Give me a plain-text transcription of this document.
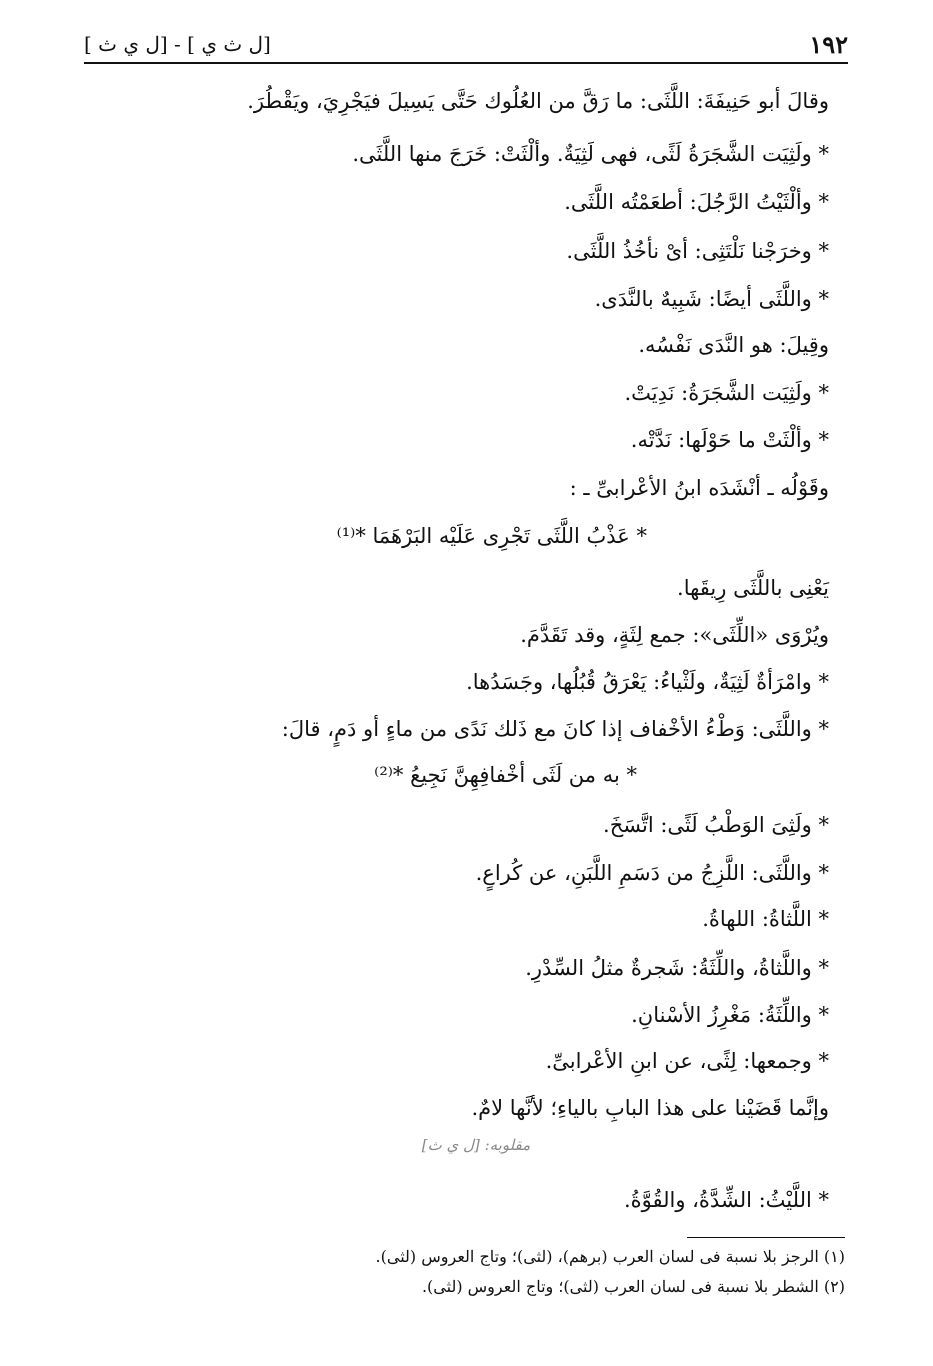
١٩٢
[ل ث ي ] - [ل ي ث ]
وقالَ أبو حَنِيفَةَ: اللَّثَى: ما رَقَّ من العُلُوك حَتَّى يَسِيلَ فيَجْرِيَ، ويَقْطُرَ.
* ولَثِيَت الشَّجَرَةُ لَثًى، فهى لَثِيَةٌ. وألْثَتْ: خَرَجَ منها اللَّثَى.
* وألْثَيْتُ الرَّجُلَ: أطعَمْتُه اللَّثَى.
* وخرَجْنا نَلْتَثِى: أىْ نأخُذُ اللَّثَى.
* واللَّثَى أيضًا: شَبِيهٌ بالنَّدَى.
وقِيلَ: هو النَّدَى نَفْسُه.
* ولَثِيَت الشَّجَرَةُ: نَدِيَتْ.
* وألْثَتْ ما حَوْلَها: نَدَّتْه.
وقَوْلُه ـ أنْشَدَه ابنُ الأعْرابىِّ ـ :
* عَذْبُ اللَّثَى تَجْرِى عَلَيْه البَرْهَمَا *⁽¹⁾
يَعْنِى باللَّثَى رِيقَها.
ويُرْوَى «اللِّثَى»: جمع لِثَةٍ، وقد تَقَدَّمَ.
* وامْرَأةٌ لَثِيَةٌ، ولَثْياءُ: يَعْرَقُ قُبُلُها، وجَسَدُها.
* واللَّثَى: وَطْءُ الأخْفاف إذا كانَ مع ذَلك نَدًى من ماءٍ أو دَمٍ، قالَ:
* به من لَثَى أخْفافِهِنَّ نَجِيعُ *⁽²⁾
* ولَثِىَ الوَطْبُ لَثًى: اتَّسَخَ.
* واللَّثَى: اللَّزِجُ من دَسَمِ اللَّبَنِ، عن كُراعٍ.
* اللَّثاةُ: اللهاةُ.
* واللَّثاةُ، واللِّثَةُ: شَجرةٌ مثلُ السِّدْرِ.
* واللِّثَةُ: مَغْرِزُ الأسْنانِ.
* وجمعها: لِثًى، عن ابنِ الأعْرابىِّ.
وإنَّما قَضَيْنا على هذا البابِ بالياءِ؛ لأنَّها لامٌ.
مقلوبه: [ل ي ث]
* اللَّيْثُ: الشِّدَّةُ، والقُوَّةُ.
(١) الرجز بلا نسبة فى لسان العرب (برهم)، (لثى)؛ وتاج العروس (لثى).
(٢) الشطر بلا نسبة فى لسان العرب (لثى)؛ وتاج العروس (لثى).
